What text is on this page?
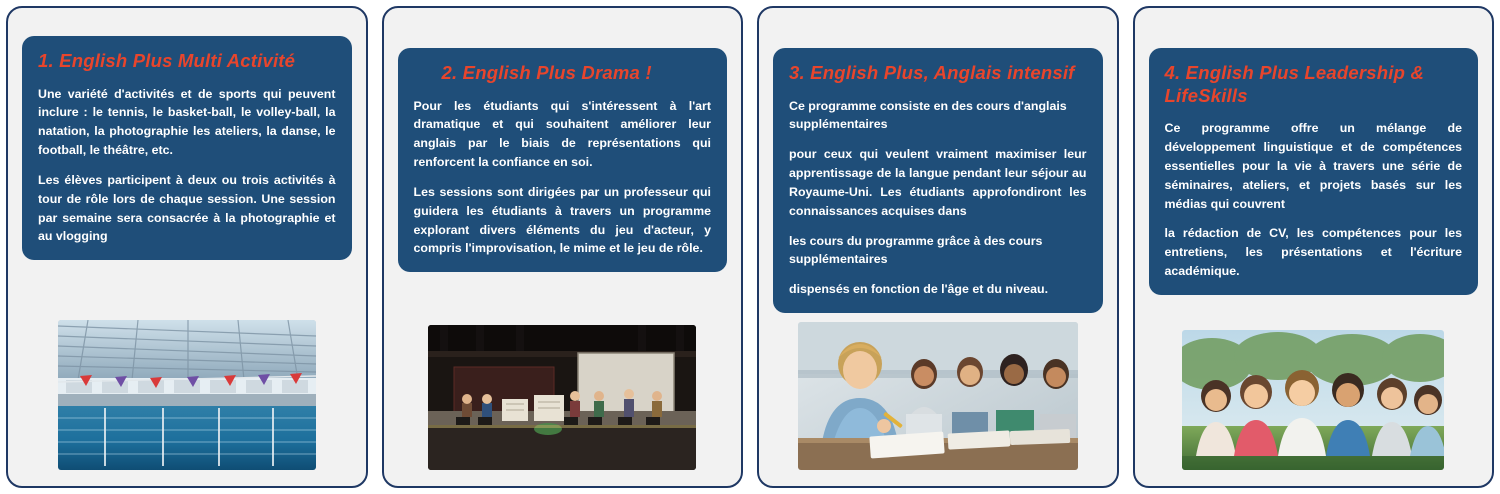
1. English Plus Multi Activité

Une variété d'activités et de sports qui peuvent inclure : le tennis, le basket-ball, le volley-ball, la natation, la photographie les ateliers, la danse, le football, le théâtre, etc.

Les élèves participent à deux ou trois activités à tour de rôle lors de chaque session. Une session par semaine sera consacrée à la photographie et au vlogging

2. English Plus Drama !

Pour les étudiants qui s'intéressent à l'art dramatique et qui souhaitent améliorer leur anglais par le biais de représentations qui renforcent la confiance en soi.

Les sessions sont dirigées par un professeur qui guidera les étudiants à travers un programme explorant divers éléments du jeu d'acteur, y compris l'improvisation, le mime et le jeu de rôle.

3. English Plus, Anglais intensif

Ce programme consiste en des cours d'anglais supplémentaires

pour ceux qui veulent vraiment maximiser leur apprentissage de la langue pendant leur séjour au Royaume-Uni. Les étudiants approfondiront les connaissances acquises dans

les cours du programme grâce à des cours supplémentaires

dispensés en fonction de l'âge et du niveau.

4. English Plus Leadership & LifeSkills

Ce programme offre un mélange de développement linguistique et de compétences essentielles pour la vie à travers une série de séminaires, ateliers, et projets basés sur les médias qui couvrent

la rédaction de CV, les compétences pour les entretiens, les présentations et l'écriture académique.
